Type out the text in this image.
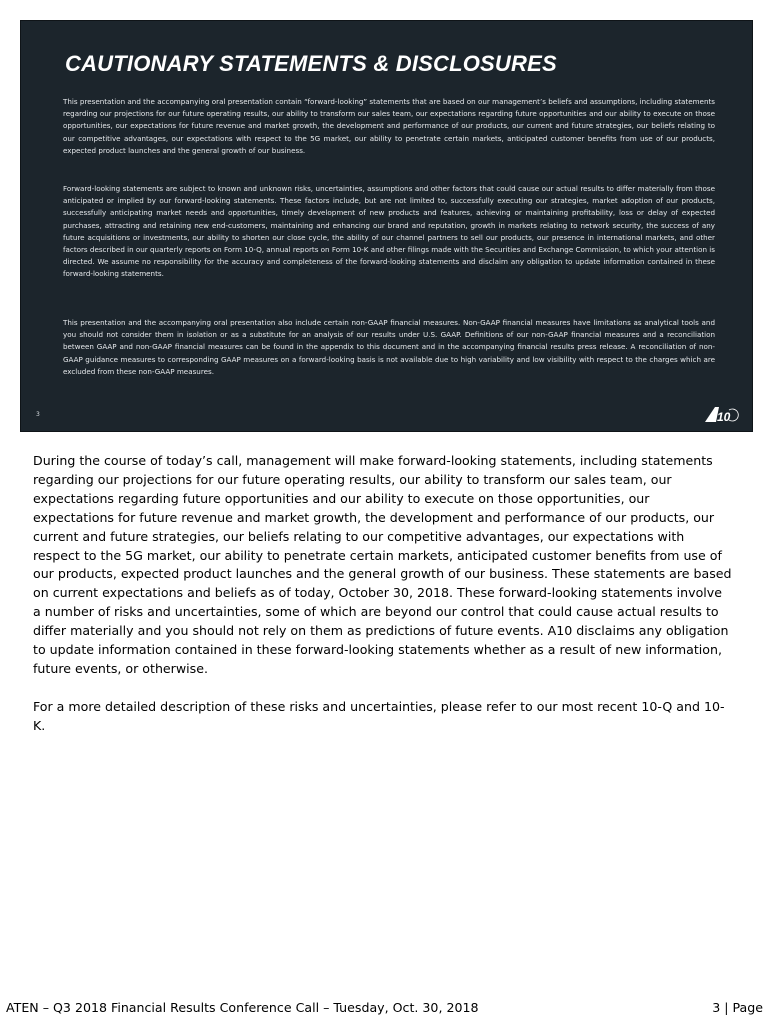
CAUTIONARY STATEMENTS & DISCLOSURES

This presentation and the accompanying oral presentation contain “forward-looking” statements that are based on our management’s beliefs and assumptions, including statements regarding our projections for our future operating results, our ability to transform our sales team, our expectations regarding future opportunities and our ability to execute on those opportunities, our expectations for future revenue and market growth, the development and performance of our products, our current and future strategies, our beliefs relating to our competitive advantages, our expectations with respect to the 5G market, our ability to penetrate certain markets, anticipated customer benefits from use of our products, expected product launches and the general growth of our business.

Forward-looking statements are subject to known and unknown risks, uncertainties, assumptions and other factors that could cause our actual results to differ materially from those anticipated or implied by our forward-looking statements. These factors include, but are not limited to, successfully executing our strategies, market adoption of our products, successfully anticipating market needs and opportunities, timely development of new products and features, achieving or maintaining profitability, loss or delay of expected purchases, attracting and retaining new end-customers, maintaining and enhancing our brand and reputation, growth in markets relating to network security, the success of any future acquisitions or investments, our ability to shorten our close cycle, the ability of our channel partners to sell our products, our presence in international markets, and other factors described in our quarterly reports on Form 10-Q, annual reports on Form 10-K and other filings made with the Securities and Exchange Commission, to which your attention is directed. We assume no responsibility for the accuracy and completeness of the forward-looking statements and disclaim any obligation to update information contained in these forward-looking statements.

This presentation and the accompanying oral presentation also include certain non-GAAP financial measures. Non-GAAP financial measures have limitations as analytical tools and you should not consider them in isolation or as a substitute for an analysis of our results under U.S. GAAP. Definitions of our non-GAAP financial measures and a reconciliation between GAAP and non-GAAP financial measures can be found in the appendix to this document and in the accompanying financial results press release. A reconciliation of non-GAAP guidance measures to corresponding GAAP measures on a forward-looking basis is not available due to high variability and low visibility with respect to the charges which are excluded from these non-GAAP measures.

3	10

During the course of today’s call, management will make forward-looking statements, including statements regarding our projections for our future operating results, our ability to transform our sales team, our expectations regarding future opportunities and our ability to execute on those opportunities, our expectations for future revenue and market growth, the development and performance of our products, our current and future strategies, our beliefs relating to our competitive advantages, our expectations with respect to the 5G market, our ability to penetrate certain markets, anticipated customer benefits from use of our products, expected product launches and the general growth of our business. These statements are based on current expectations and beliefs as of today, October 30, 2018. These forward-looking statements involve a number of risks and uncertainties, some of which are beyond our control that could cause actual results to differ materially and you should not rely on them as predictions of future events. A10 disclaims any obligation to update information contained in these forward-looking statements whether as a result of new information, future events, or otherwise.

For a more detailed description of these risks and uncertainties, please refer to our most recent 10-Q and 10-K.

ATEN – Q3 2018 Financial Results Conference Call – Tuesday, Oct. 30, 2018	3 | Page
